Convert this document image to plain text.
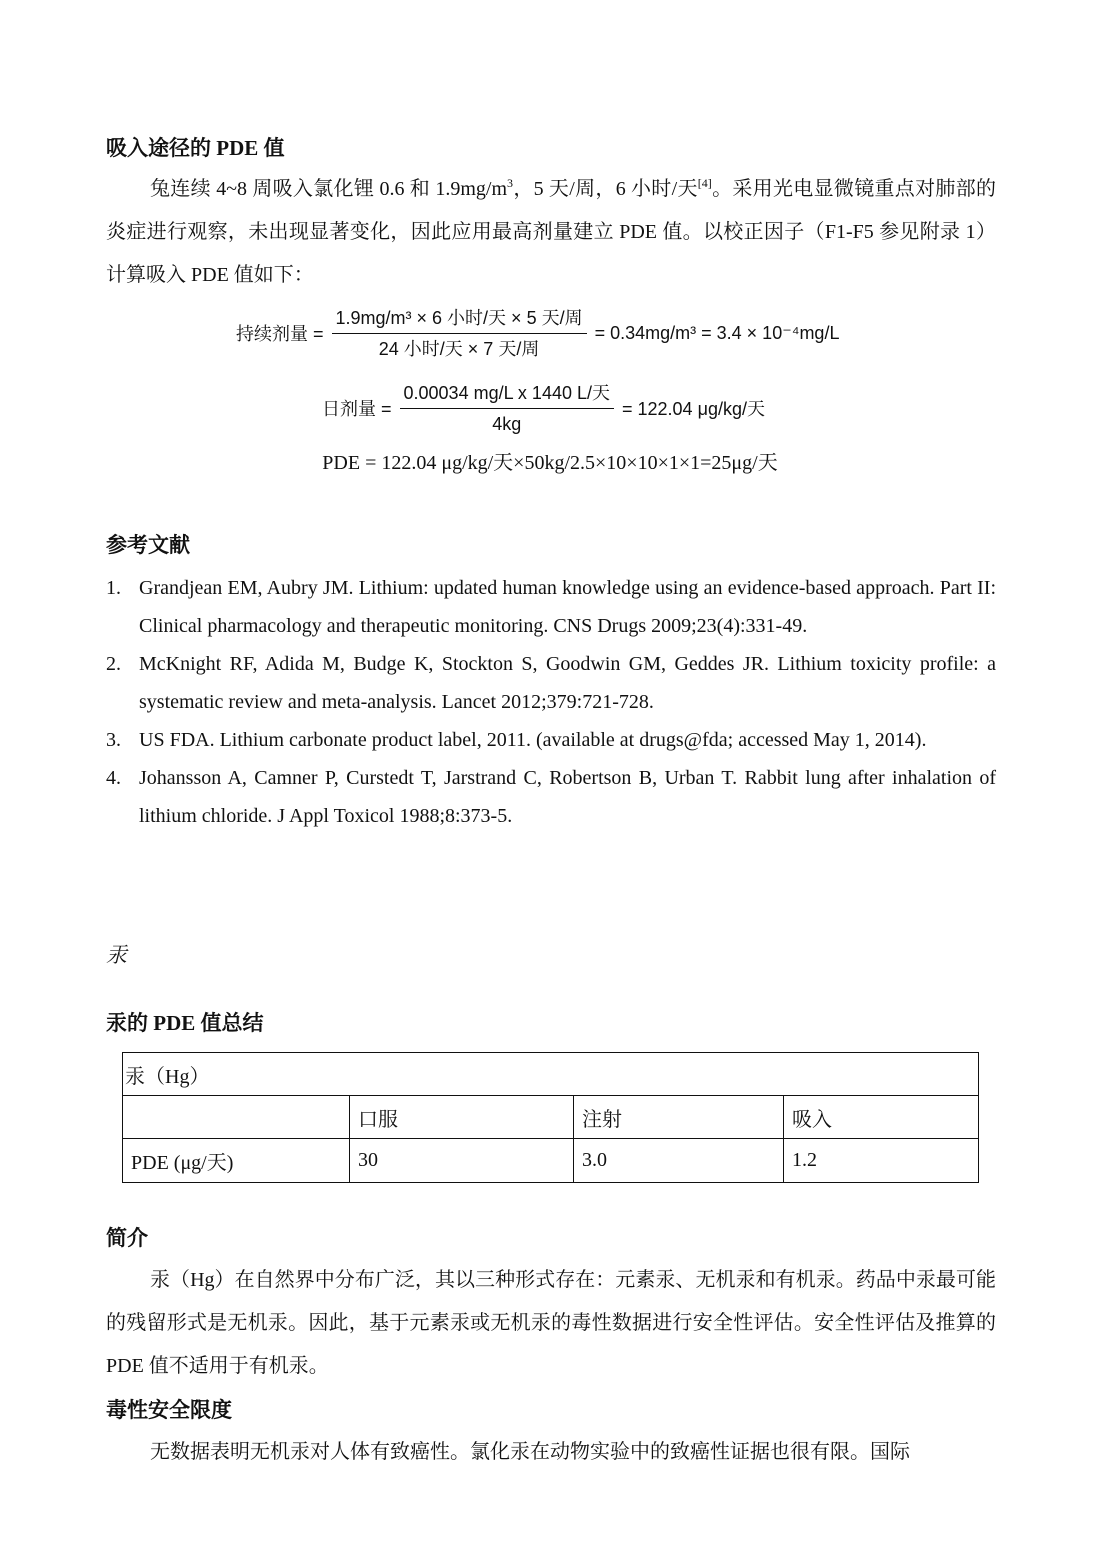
吸入途径的 PDE 值

兔连续 4~8 周吸入氯化锂 0.6 和 $1.9mg/m^3$，5 天/周，6 小时/天[4]。采用光电显微镜重点对肺部的炎症进行观察，未出现显著变化，因此应用最高剂量建立 PDE 值。以校正因子（F1-F5 参见附录 1）计算吸入 PDE 值如下：

持续剂量 = $\frac{\text{1.9mg/m³ × 6 小时/天 × 5 天/周}}{\text{24 小时/天 × 7 天/周}} = 0.34mg/m^3 = 3.4 \times 10^{-4}mg/L$
日剂量 = $\frac{\text{0.00034 mg/L x 1440 L/天}}{4kg} = 122.04$ μg/kg/天
PDE = 122.04 μg/kg/天×50kg/2.5×10×10×1×1=25μg/天
参考文献
1. Grandjean EM, Aubry JM. Lithium: updated human knowledge using an evidence-based approach. Part II: Clinical pharmacology and therapeutic monitoring. CNS Drugs 2009;23(4):331-49.
2. McKnight RF, Adida M, Budge K, Stockton S, Goodwin GM, Geddes JR. Lithium toxicity profile: a systematic review and meta-analysis. Lancet 2012;379:721-728.
3. US FDA. Lithium carbonate product label, 2011. (available at drugs@fda; accessed May 1, 2014).
4. Johansson A, Camner P, Curstedt T, Jarstrand C, Robertson B, Urban T. Rabbit lung after inhalation of lithium chloride. J Appl Toxicol 1988;8:373-5.
汞
汞的 PDE 值总结
汞（Hg）			
	口服	注射	吸入
PDE (μg/天)	30	3.0	1.2
简介

汞（Hg）在自然界中分布广泛，其以三种形式存在：元素汞、无机汞和有机汞。药品中汞最可能的残留形式是无机汞。因此，基于元素汞或无机汞的毒性数据进行安全性评估。安全性评估及推算的 PDE 值不适用于有机汞。

毒性安全限度

无数据表明无机汞对人体有致癌性。氯化汞在动物实验中的致癌性证据也很有限。国际
